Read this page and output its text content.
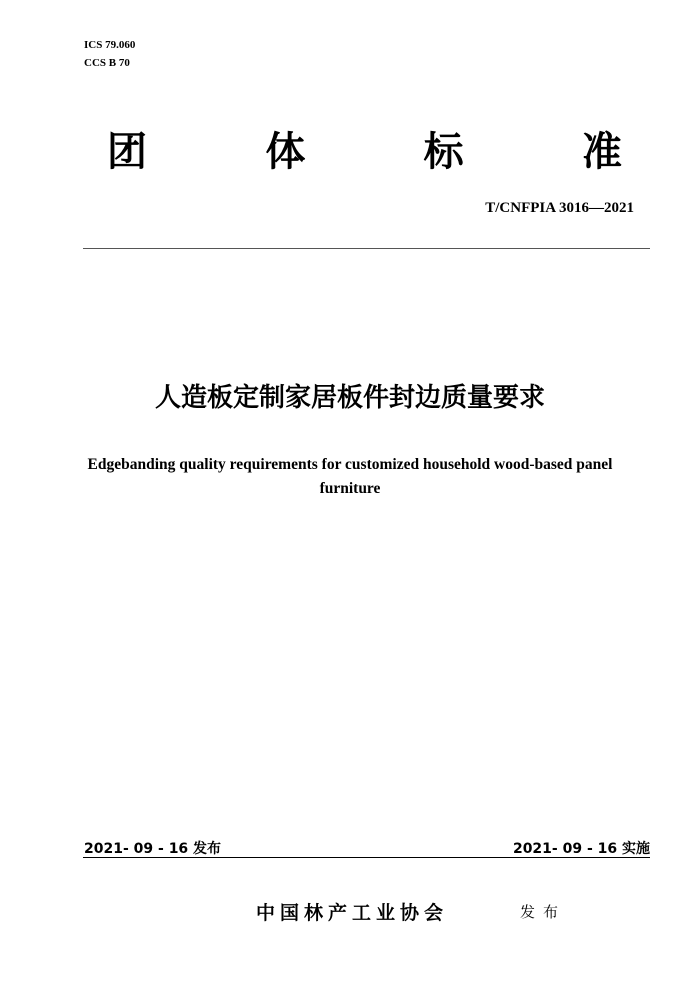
ICS 79.060
CCS B 70
团	体	标	准
T/CNFPIA 3016—2021
人造板定制家居板件封边质量要求
Edgebanding quality requirements for customized household wood-based panel furniture
2021- 09 - 16 发布	2021- 09 - 16 实施
中国林产工业协会	发布
